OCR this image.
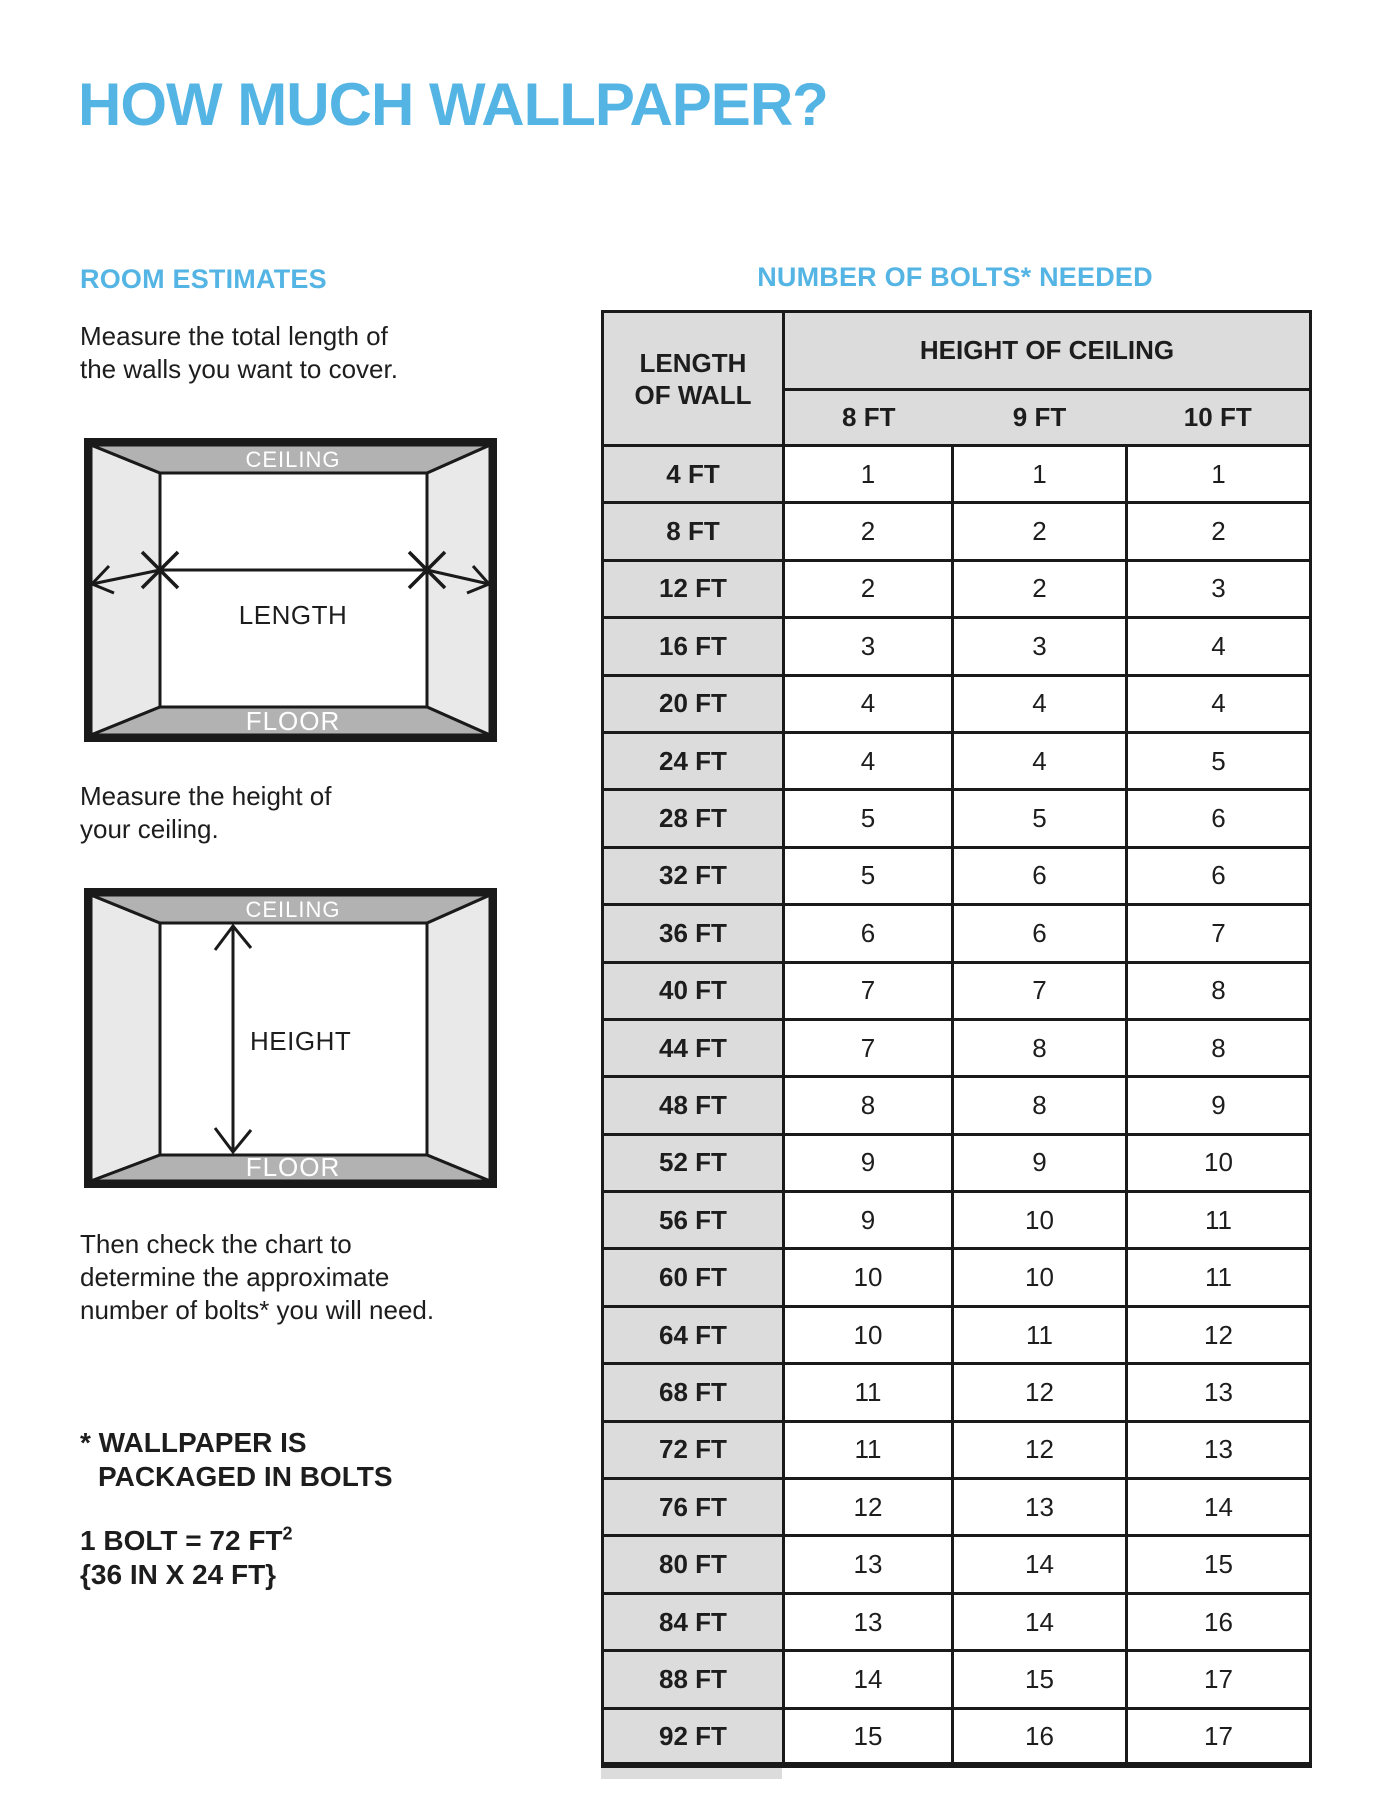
HOW MUCH WALLPAPER?
ROOM ESTIMATES
Measure the total length of
the walls you want to cover.
CEILING
FLOOR
LENGTH
Measure the height of
your ceiling.
CEILING
FLOOR
HEIGHT
Then check the chart to
determine the approximate
number of bolts* you will need.
* WALLPAPER IS
PACKAGED IN BOLTS
1 BOLT = 72 $FT^2$
{36 IN X 24 FT}
NUMBER OF BOLTS* NEEDED
LENGTH
OF WALL	HEIGHT OF CEILING		
	8 FT	9 FT	10 FT
4 FT	1	1	1
8 FT	2	2	2
12 FT	2	2	3
16 FT	3	3	4
20 FT	4	4	4
24 FT	4	4	5
28 FT	5	5	6
32 FT	5	6	6
36 FT	6	6	7
40 FT	7	7	8
44 FT	7	8	8
48 FT	8	8	9
52 FT	9	9	10
56 FT	9	10	11
60 FT	10	10	11
64 FT	10	11	12
68 FT	11	12	13
72 FT	11	12	13
76 FT	12	13	14
80 FT	13	14	15
84 FT	13	14	16
88 FT	14	15	17
92 FT	15	16	17
